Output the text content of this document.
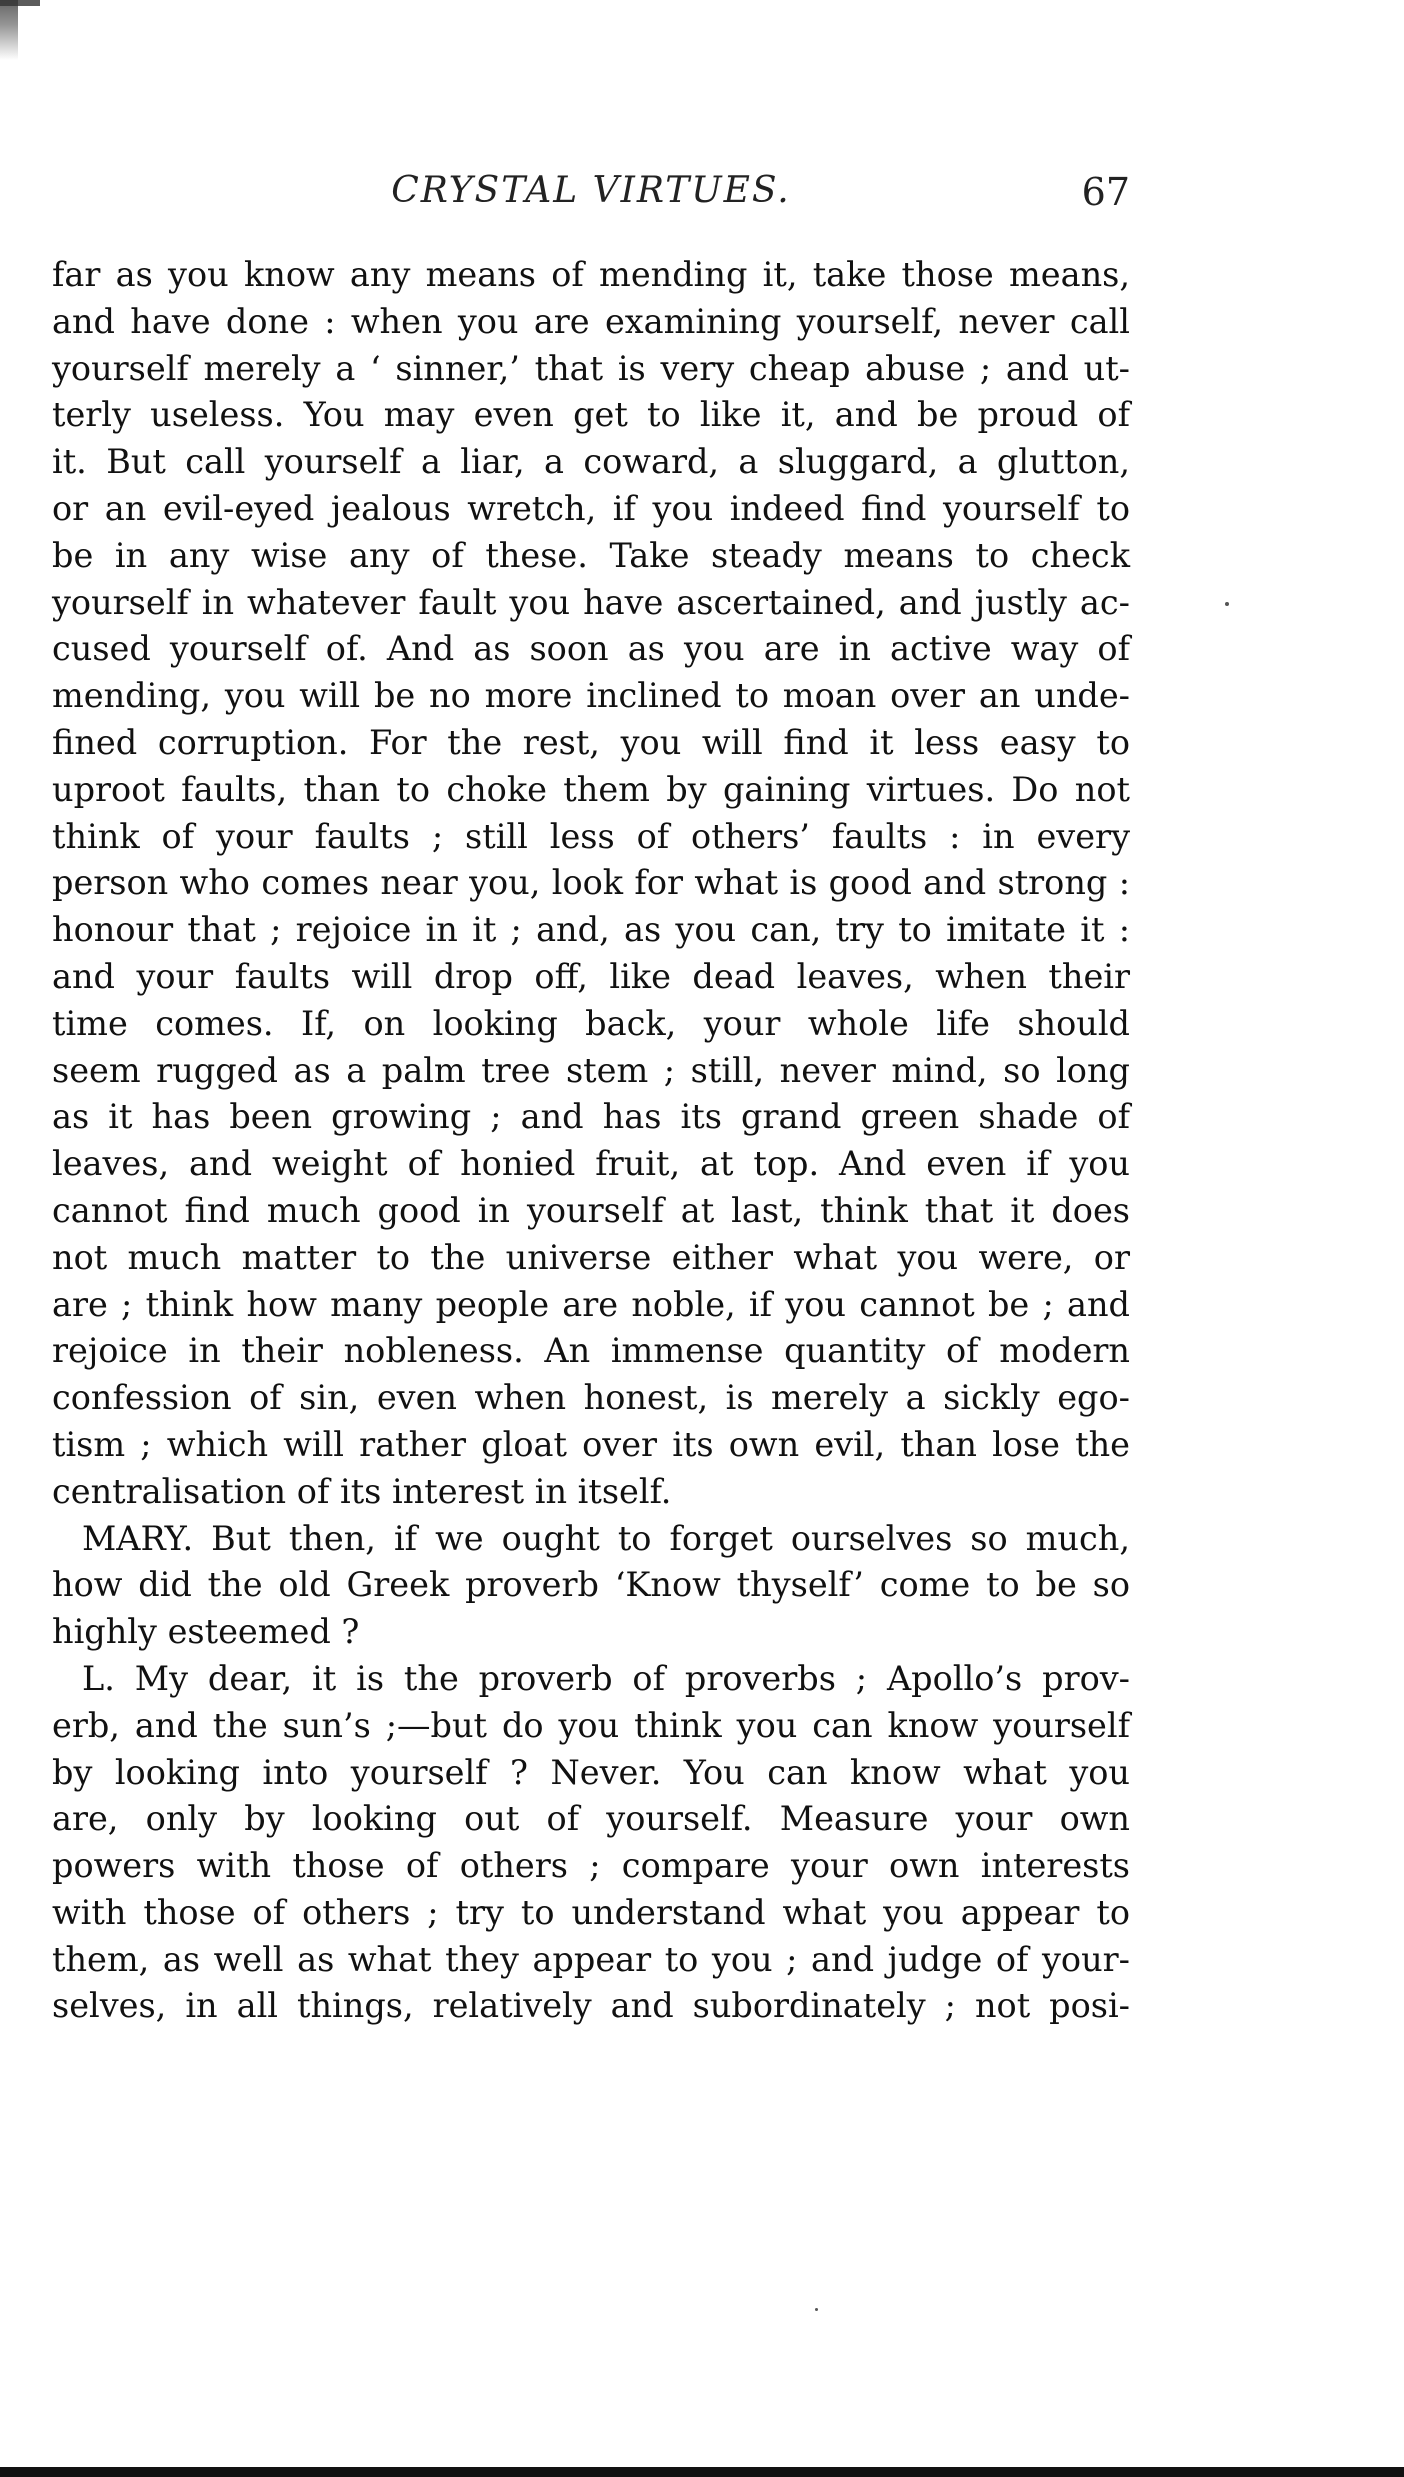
CRYSTAL VIRTUES.	67
far as you know any means of mending it, take those means,
and have done : when you are examining yourself, never call
yourself merely a ‘ sinner,’ that is very cheap abuse ; and ut-
terly useless. You may even get to like it, and be proud of
it. But call yourself a liar, a coward, a sluggard, a glutton,
or an evil-eyed jealous wretch, if you indeed find yourself to
be in any wise any of these. Take steady means to check
yourself in whatever fault you have ascertained, and justly ac-
cused yourself of. And as soon as you are in active way of
mending, you will be no more inclined to moan over an unde-
fined corruption. For the rest, you will find it less easy to
uproot faults, than to choke them by gaining virtues. Do not
think of your faults ; still less of others’ faults : in every
person who comes near you, look for what is good and strong :
honour that ; rejoice in it ; and, as you can, try to imitate it :
and your faults will drop off, like dead leaves, when their
time comes. If, on looking back, your whole life should
seem rugged as a palm tree stem ; still, never mind, so long
as it has been growing ; and has its grand green shade of
leaves, and weight of honied fruit, at top. And even if you
cannot find much good in yourself at last, think that it does
not much matter to the universe either what you were, or
are ; think how many people are noble, if you cannot be ; and
rejoice in their nobleness. An immense quantity of modern
confession of sin, even when honest, is merely a sickly ego-
tism ; which will rather gloat over its own evil, than lose the
centralisation of its interest in itself.
MARY. But then, if we ought to forget ourselves so much,
how did the old Greek proverb ‘Know thyself’ come to be so
highly esteemed ?
L. My dear, it is the proverb of proverbs ; Apollo’s prov-
erb, and the sun’s ;—but do you think you can know yourself
by looking into yourself ? Never. You can know what you
are, only by looking out of yourself. Measure your own
powers with those of others ; compare your own interests
with those of others ; try to understand what you appear to
them, as well as what they appear to you ; and judge of your-
selves, in all things, relatively and subordinately ; not posi-
